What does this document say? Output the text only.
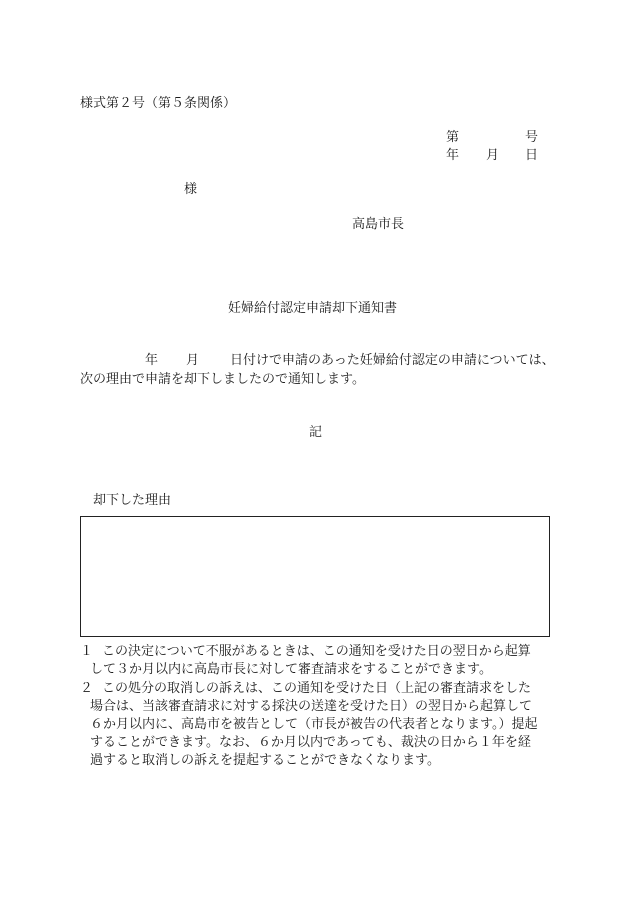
様式第２号（第５条関係）
第	号
年 月 日
様
高島市長
妊婦給付認定申請却下通知書
年 月 日付けで申請のあった妊婦給付認定の申請については、
次の理由で申請を却下しましたので通知します。
記
却下した理由
１ この決定について不服があるときは、この通知を受けた日の翌日から起算
して３か月以内に高島市長に対して審査請求をすることができます。
２ この処分の取消しの訴えは、この通知を受けた日（上記の審査請求をした
場合は、当該審査請求に対する採決の送達を受けた日）の翌日から起算して
６か月以内に、高島市を被告として（市長が被告の代表者となります。）提起
することができます。なお、６か月以内であっても、裁決の日から１年を経
過すると取消しの訴えを提起することができなくなります。
